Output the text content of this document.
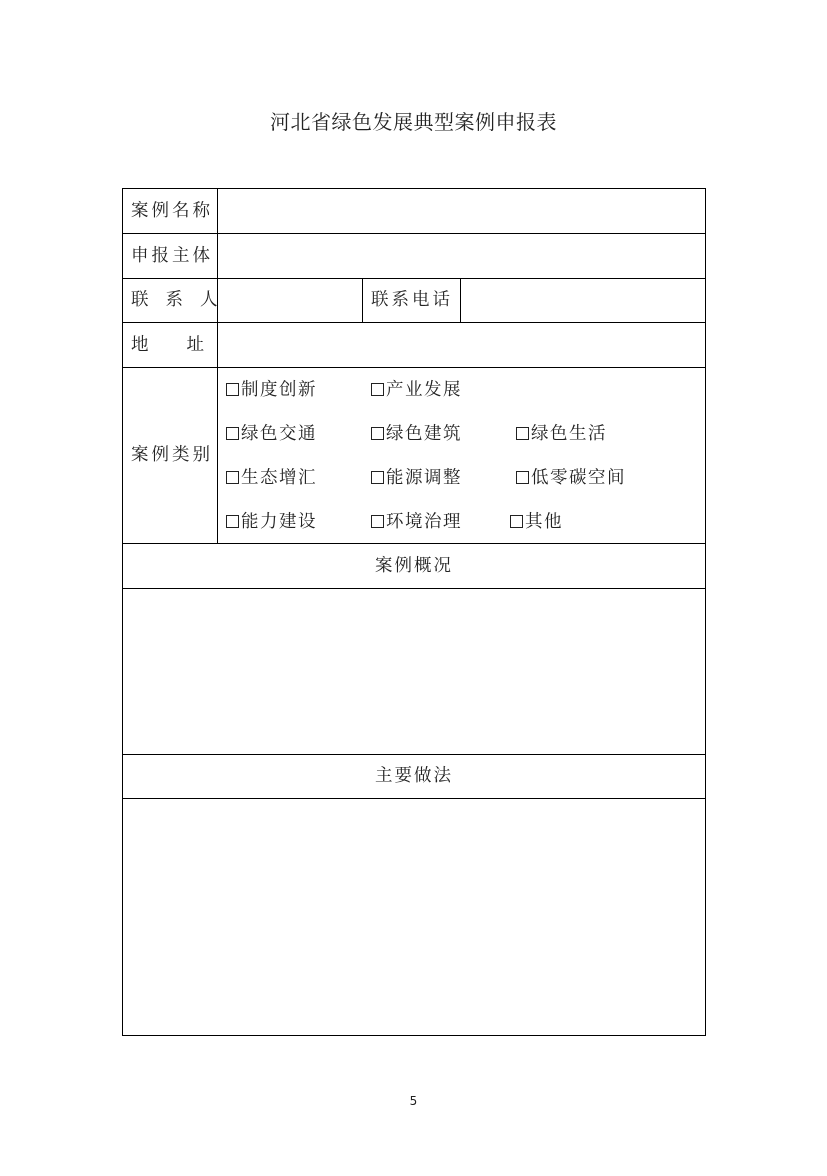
河北省绿色发展典型案例申报表
案例名称
申报主体
联系人	联系电话
地址
案例类别
制度创新	产业发展
绿色交通	绿色建筑	绿色生活
生态增汇	能源调整	低零碳空间
能力建设	环境治理	其他
案例概况
主要做法
5
